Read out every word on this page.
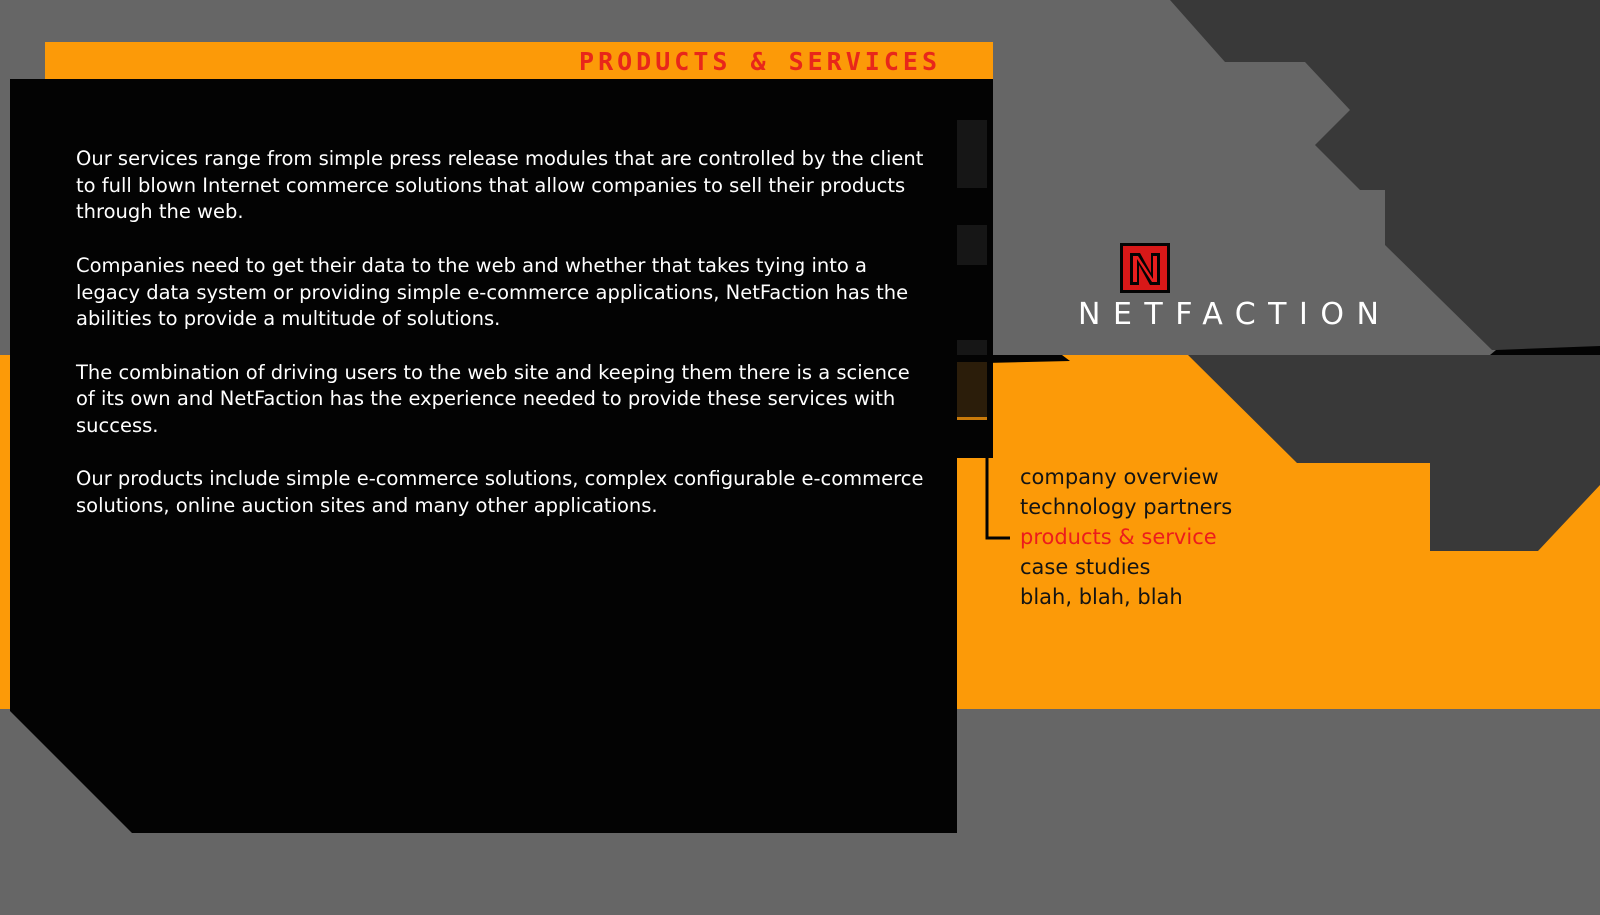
PRODUCTS & SERVICES

Our services range from simple press release modules that are controlled by the client to full blown Internet commerce solutions that allow companies to sell their products through the web.

Companies need to get their data to the web and whether that takes tying into a legacy data system or providing simple e-commerce applications, NetFaction has the abilities to provide a multitude of solutions.

The combination of driving users to the web site and keeping them there is a science of its own and NetFaction has the experience needed to provide these services with success.

Our products include simple e-commerce solutions, complex configurable e-commerce solutions, online auction sites and many other applications.

NETFACTION
company overview
technology partners
products & service
case studies
blah, blah, blah
